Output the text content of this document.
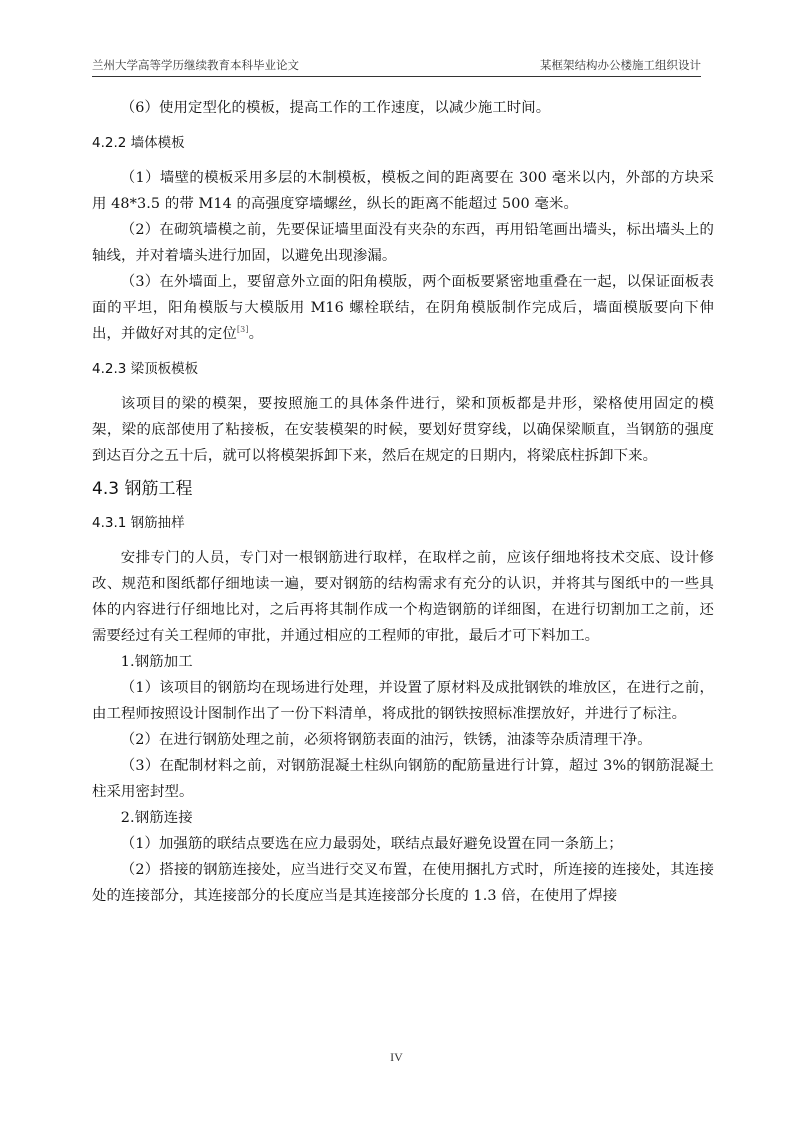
兰州大学高等学历继续教育本科毕业论文	某框架结构办公楼施工组织设计

（6）使用定型化的模板，提高工作的工作速度，以减少施工时间。

4.2.2 墙体模板

（1）墙壁的模板采用多层的木制模板，模板之间的距离要在 300 毫米以内，外部的方块采用 48*3.5 的带 M14 的高强度穿墙螺丝，纵长的距离不能超过 500 毫米。

（2）在砌筑墙模之前，先要保证墙里面没有夹杂的东西，再用铅笔画出墙头，标出墙头上的轴线，并对着墙头进行加固，以避免出现渗漏。

（3）在外墙面上，要留意外立面的阳角模版，两个面板要紧密地重叠在一起，以保证面板表面的平坦，阳角模版与大模版用 M16 螺栓联结，在阴角模版制作完成后，墙面模版要向下伸出，并做好对其的定位[3]。

4.2.3 梁顶板模板

该项目的梁的模架，要按照施工的具体条件进行，梁和顶板都是井形，梁格使用固定的模架，梁的底部使用了粘接板，在安装模架的时候，要划好贯穿线，以确保梁顺直，当钢筋的强度到达百分之五十后，就可以将模架拆卸下来，然后在规定的日期内，将梁底柱拆卸下来。

4.3 钢筋工程
4.3.1 钢筋抽样

安排专门的人员，专门对一根钢筋进行取样，在取样之前，应该仔细地将技术交底、设计修改、规范和图纸都仔细地读一遍，要对钢筋的结构需求有充分的认识，并将其与图纸中的一些具体的内容进行仔细地比对，之后再将其制作成一个构造钢筋的详细图，在进行切割加工之前，还需要经过有关工程师的审批，并通过相应的工程师的审批，最后才可下料加工。

1.钢筋加工

（1）该项目的钢筋均在现场进行处理，并设置了原材料及成批钢铁的堆放区，在进行之前，由工程师按照设计图制作出了一份下料清单，将成批的钢铁按照标准摆放好，并进行了标注。

（2）在进行钢筋处理之前，必须将钢筋表面的油污，铁锈，油漆等杂质清理干净。

（3）在配制材料之前，对钢筋混凝土柱纵向钢筋的配筋量进行计算，超过 3%的钢筋混凝土柱采用密封型。

2.钢筋连接

（1）加强筋的联结点要选在应力最弱处，联结点最好避免设置在同一条筋上；

（2）搭接的钢筋连接处，应当进行交叉布置，在使用捆扎方式时，所连接的连接处，其连接处的连接部分，其连接部分的长度应当是其连接部分长度的 1.3 倍，在使用了焊接

IV
